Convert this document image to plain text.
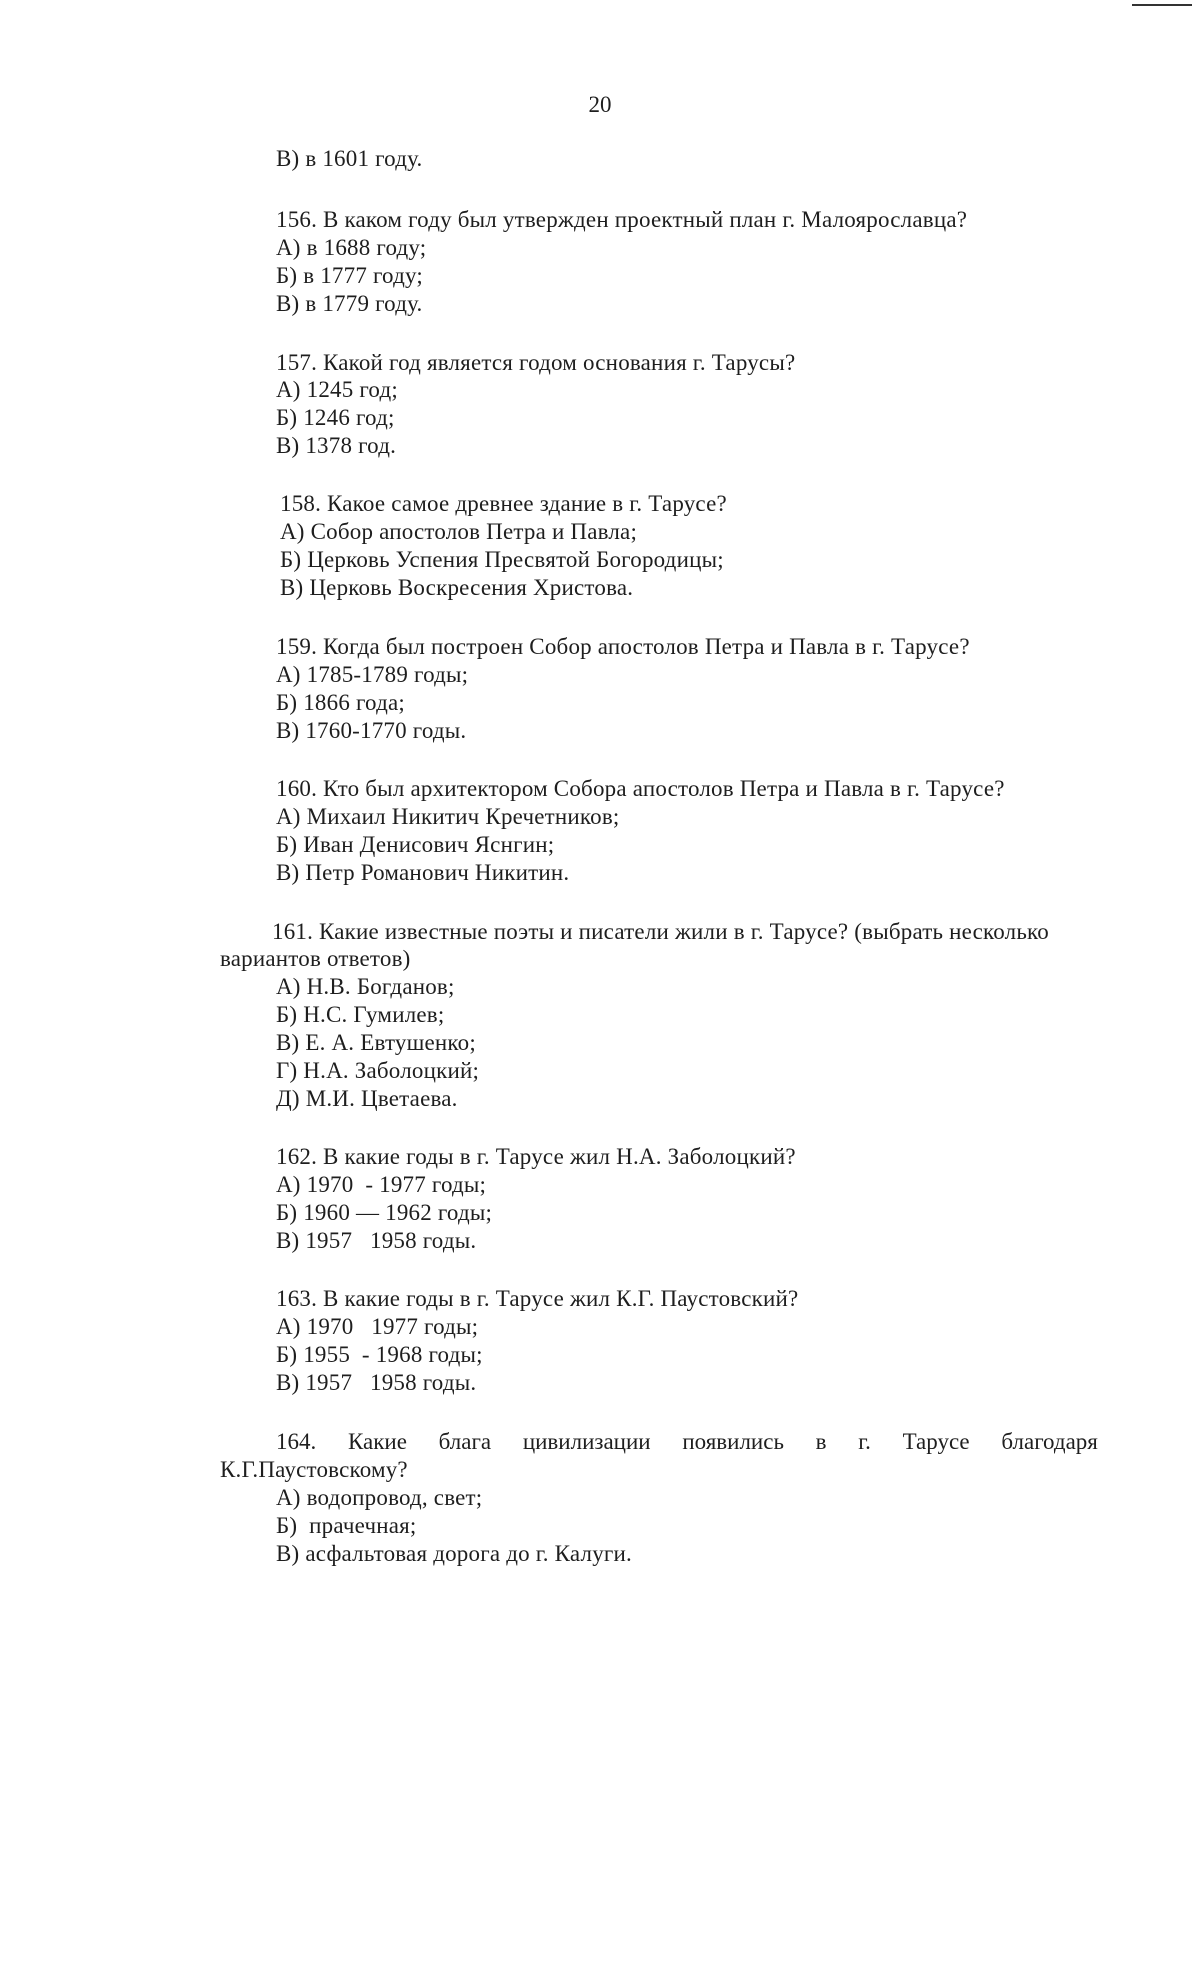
20
В) в 1601 году.
156. В каком году был утвержден проектный план г. Малоярославца?
А) в 1688 году;
Б) в 1777 году;
В) в 1779 году.
157. Какой год является годом основания г. Тарусы?
А) 1245 год;
Б) 1246 год;
В) 1378 год.
158. Какое самое древнее здание в г. Тарусе?
А) Собор апостолов Петра и Павла;
Б) Церковь Успения Пресвятой Богородицы;
В) Церковь Воскресения Христова.
159. Когда был построен Собор апостолов Петра и Павла в г. Тарусе?
А) 1785-1789 годы;
Б) 1866 года;
В) 1760-1770 годы.
160. Кто был архитектором Собора апостолов Петра и Павла в г. Тарусе?
А) Михаил Никитич Кречетников;
Б) Иван Денисович Яснгин;
В) Петр Романович Никитин.
161. Какие известные поэты и писатели жили в г. Тарусе? (выбрать несколько
вариантов ответов)
А) Н.В. Богданов;
Б) Н.С. Гумилев;
В) Е. А. Евтушенко;
Г) Н.А. Заболоцкий;
Д) М.И. Цветаева.
162. В какие годы в г. Тарусе жил Н.А. Заболоцкий?
А) 1970  - 1977 годы;
Б) 1960 — 1962 годы;
В) 1957   1958 годы.
163. В какие годы в г. Тарусе жил К.Г. Паустовский?
А) 1970   1977 годы;
Б) 1955  - 1968 годы;
В) 1957   1958 годы.
164. Какие блага цивилизации появились в г. Тарусе благодаря
К.Г.Паустовскому?
А) водопровод, свет;
Б)  прачечная;
В) асфальтовая дорога до г. Калуги.
